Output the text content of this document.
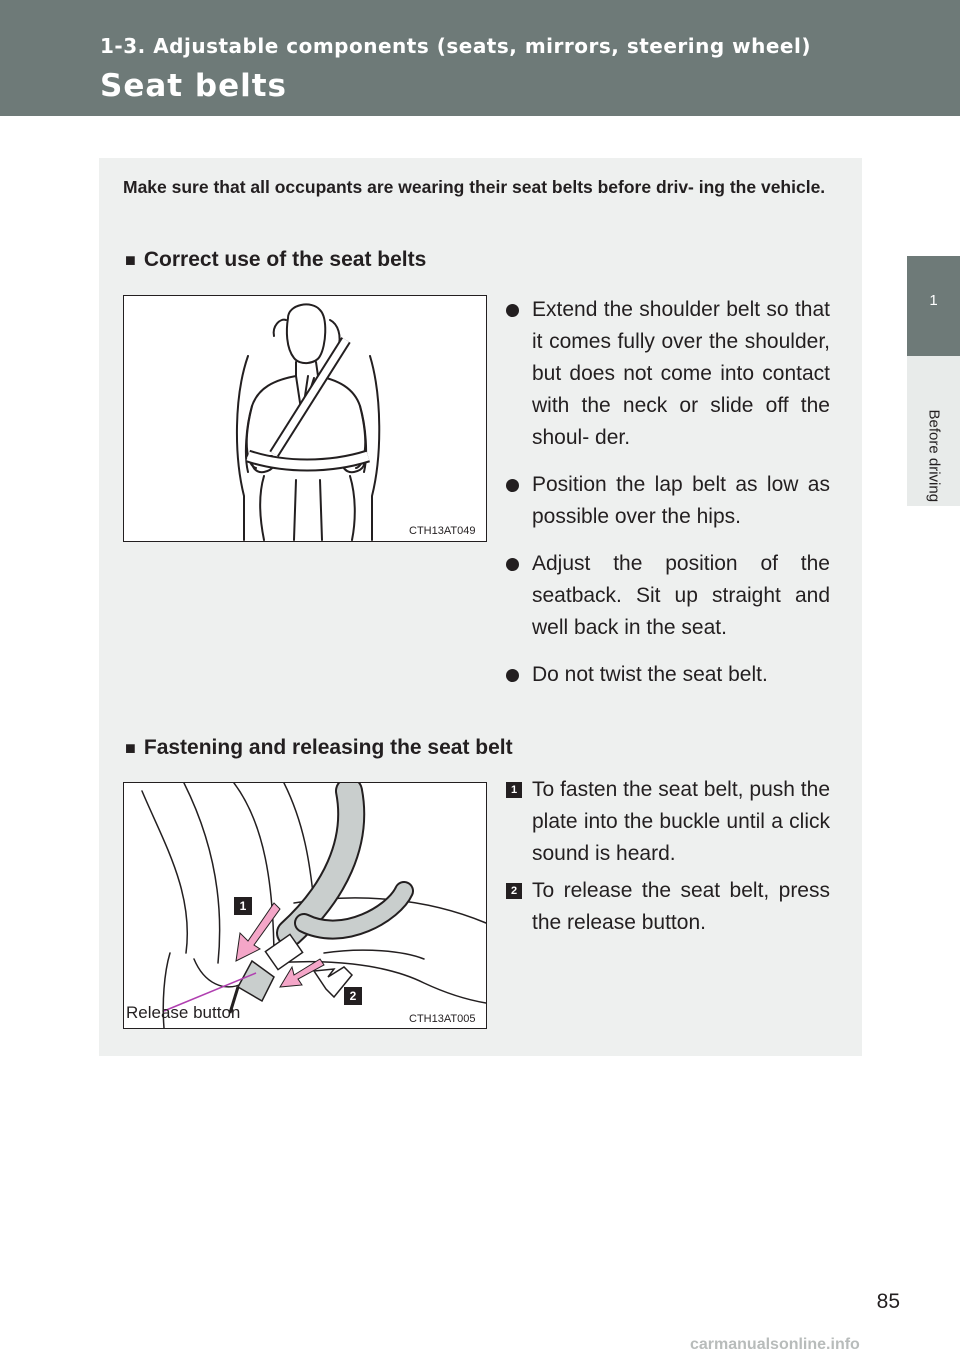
1-3. Adjustable components (seats, mirrors, steering wheel)
Seat belts
1
Before driving
Make sure that all occupants are wearing their seat belts before driv- ing the vehicle.
■ Correct use of the seat belts
CTH13AT049
Extend the shoulder belt so that it comes fully over the shoulder, but does not come into contact with the neck or slide off the shoul- der.
Position the lap belt as low as possible over the hips.
Adjust the position of the seatback. Sit up straight and well back in the seat.
Do not twist the seat belt.
■ Fastening and releasing the seat belt
1
2
CTH13AT005
Release button
1 To fasten the seat belt, push the plate into the buckle until a click sound is heard.
2 To release the seat belt, press the release button.
85
carmanualsonline.info
